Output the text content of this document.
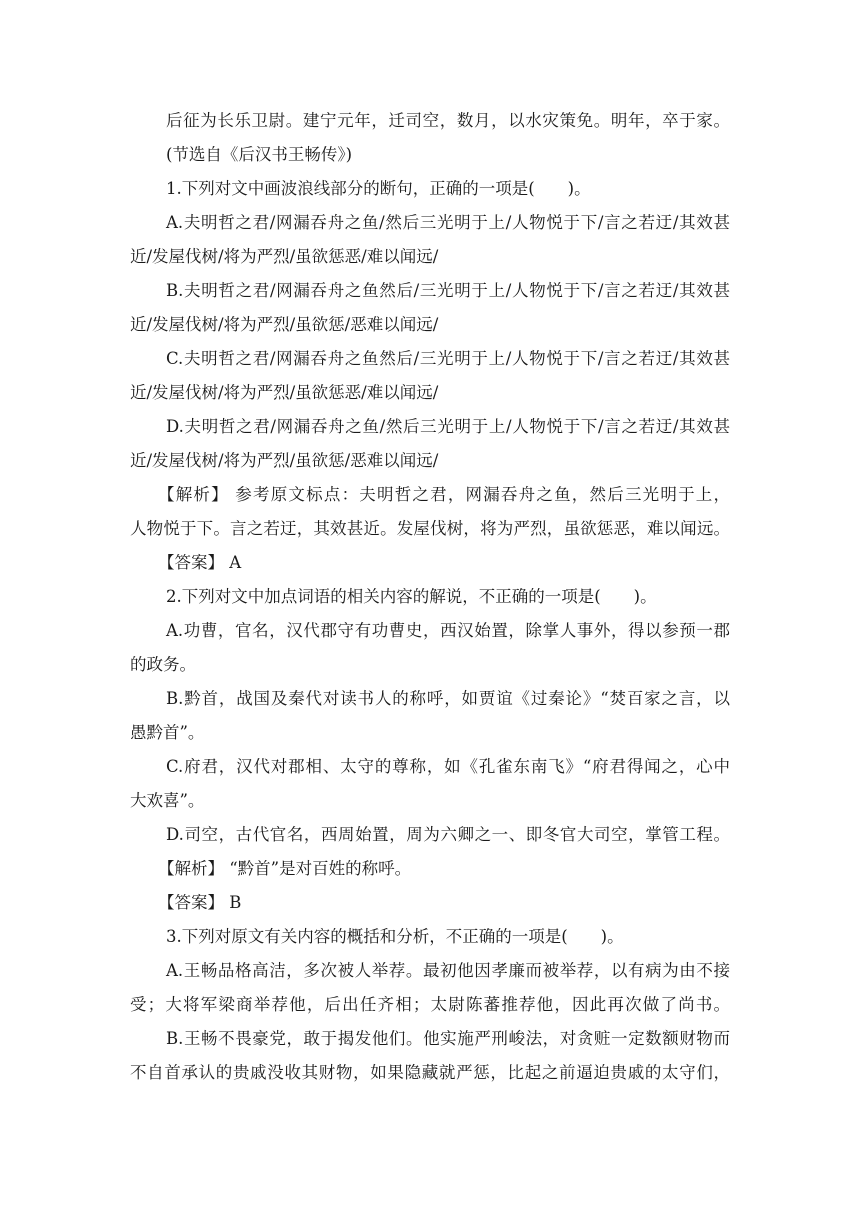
后征为长乐卫尉。建宁元年，迁司空，数月，以水灾策免。明年，卒于家。

(节选自《后汉书王畅传》)

1.下列对文中画波浪线部分的断句，正确的一项是(　　)。

A.夫明哲之君/网漏吞舟之鱼/然后三光明于上/人物悦于下/言之若迂/其效甚

近/发屋伐树/将为严烈/虽欲惩恶/难以闻远/

B.夫明哲之君/网漏吞舟之鱼然后/三光明于上/人物悦于下/言之若迂/其效甚

近/发屋伐树/将为严烈/虽欲惩/恶难以闻远/

C.夫明哲之君/网漏吞舟之鱼然后/三光明于上/人物悦于下/言之若迂/其效甚

近/发屋伐树/将为严烈/虽欲惩恶/难以闻远/

D.夫明哲之君/网漏吞舟之鱼/然后三光明于上/人物悦于下/言之若迂/其效甚

近/发屋伐树/将为严烈/虽欲惩/恶难以闻远/

【解析】 参考原文标点：夫明哲之君，网漏吞舟之鱼，然后三光明于上，

人物悦于下。言之若迂，其效甚近。发屋伐树，将为严烈，虽欲惩恶，难以闻远。

【答案】 A

2.下列对文中加点词语的相关内容的解说，不正确的一项是(　　)。

A.功曹，官名，汉代郡守有功曹史，西汉始置，除掌人事外，得以参预一郡

的政务。

B.黔首，战国及秦代对读书人的称呼，如贾谊《过秦论》“焚百家之言，以

愚黔首”。

C.府君，汉代对郡相、太守的尊称，如《孔雀东南飞》“府君得闻之，心中

大欢喜”。

D.司空，古代官名，西周始置，周为六卿之一、即冬官大司空，掌管工程。

【解析】 “黔首”是对百姓的称呼。

【答案】 B

3.下列对原文有关内容的概括和分析，不正确的一项是(　　)。

A.王畅品格高洁，多次被人举荐。最初他因孝廉而被举荐，以有病为由不接

受；大将军梁商举荐他，后出任齐相；太尉陈蕃推荐他，因此再次做了尚书。

B.王畅不畏豪党，敢于揭发他们。他实施严刑峻法，对贪赃一定数额财物而

不自首承认的贵戚没收其财物，如果隐藏就严惩，比起之前逼迫贵戚的太守们，
